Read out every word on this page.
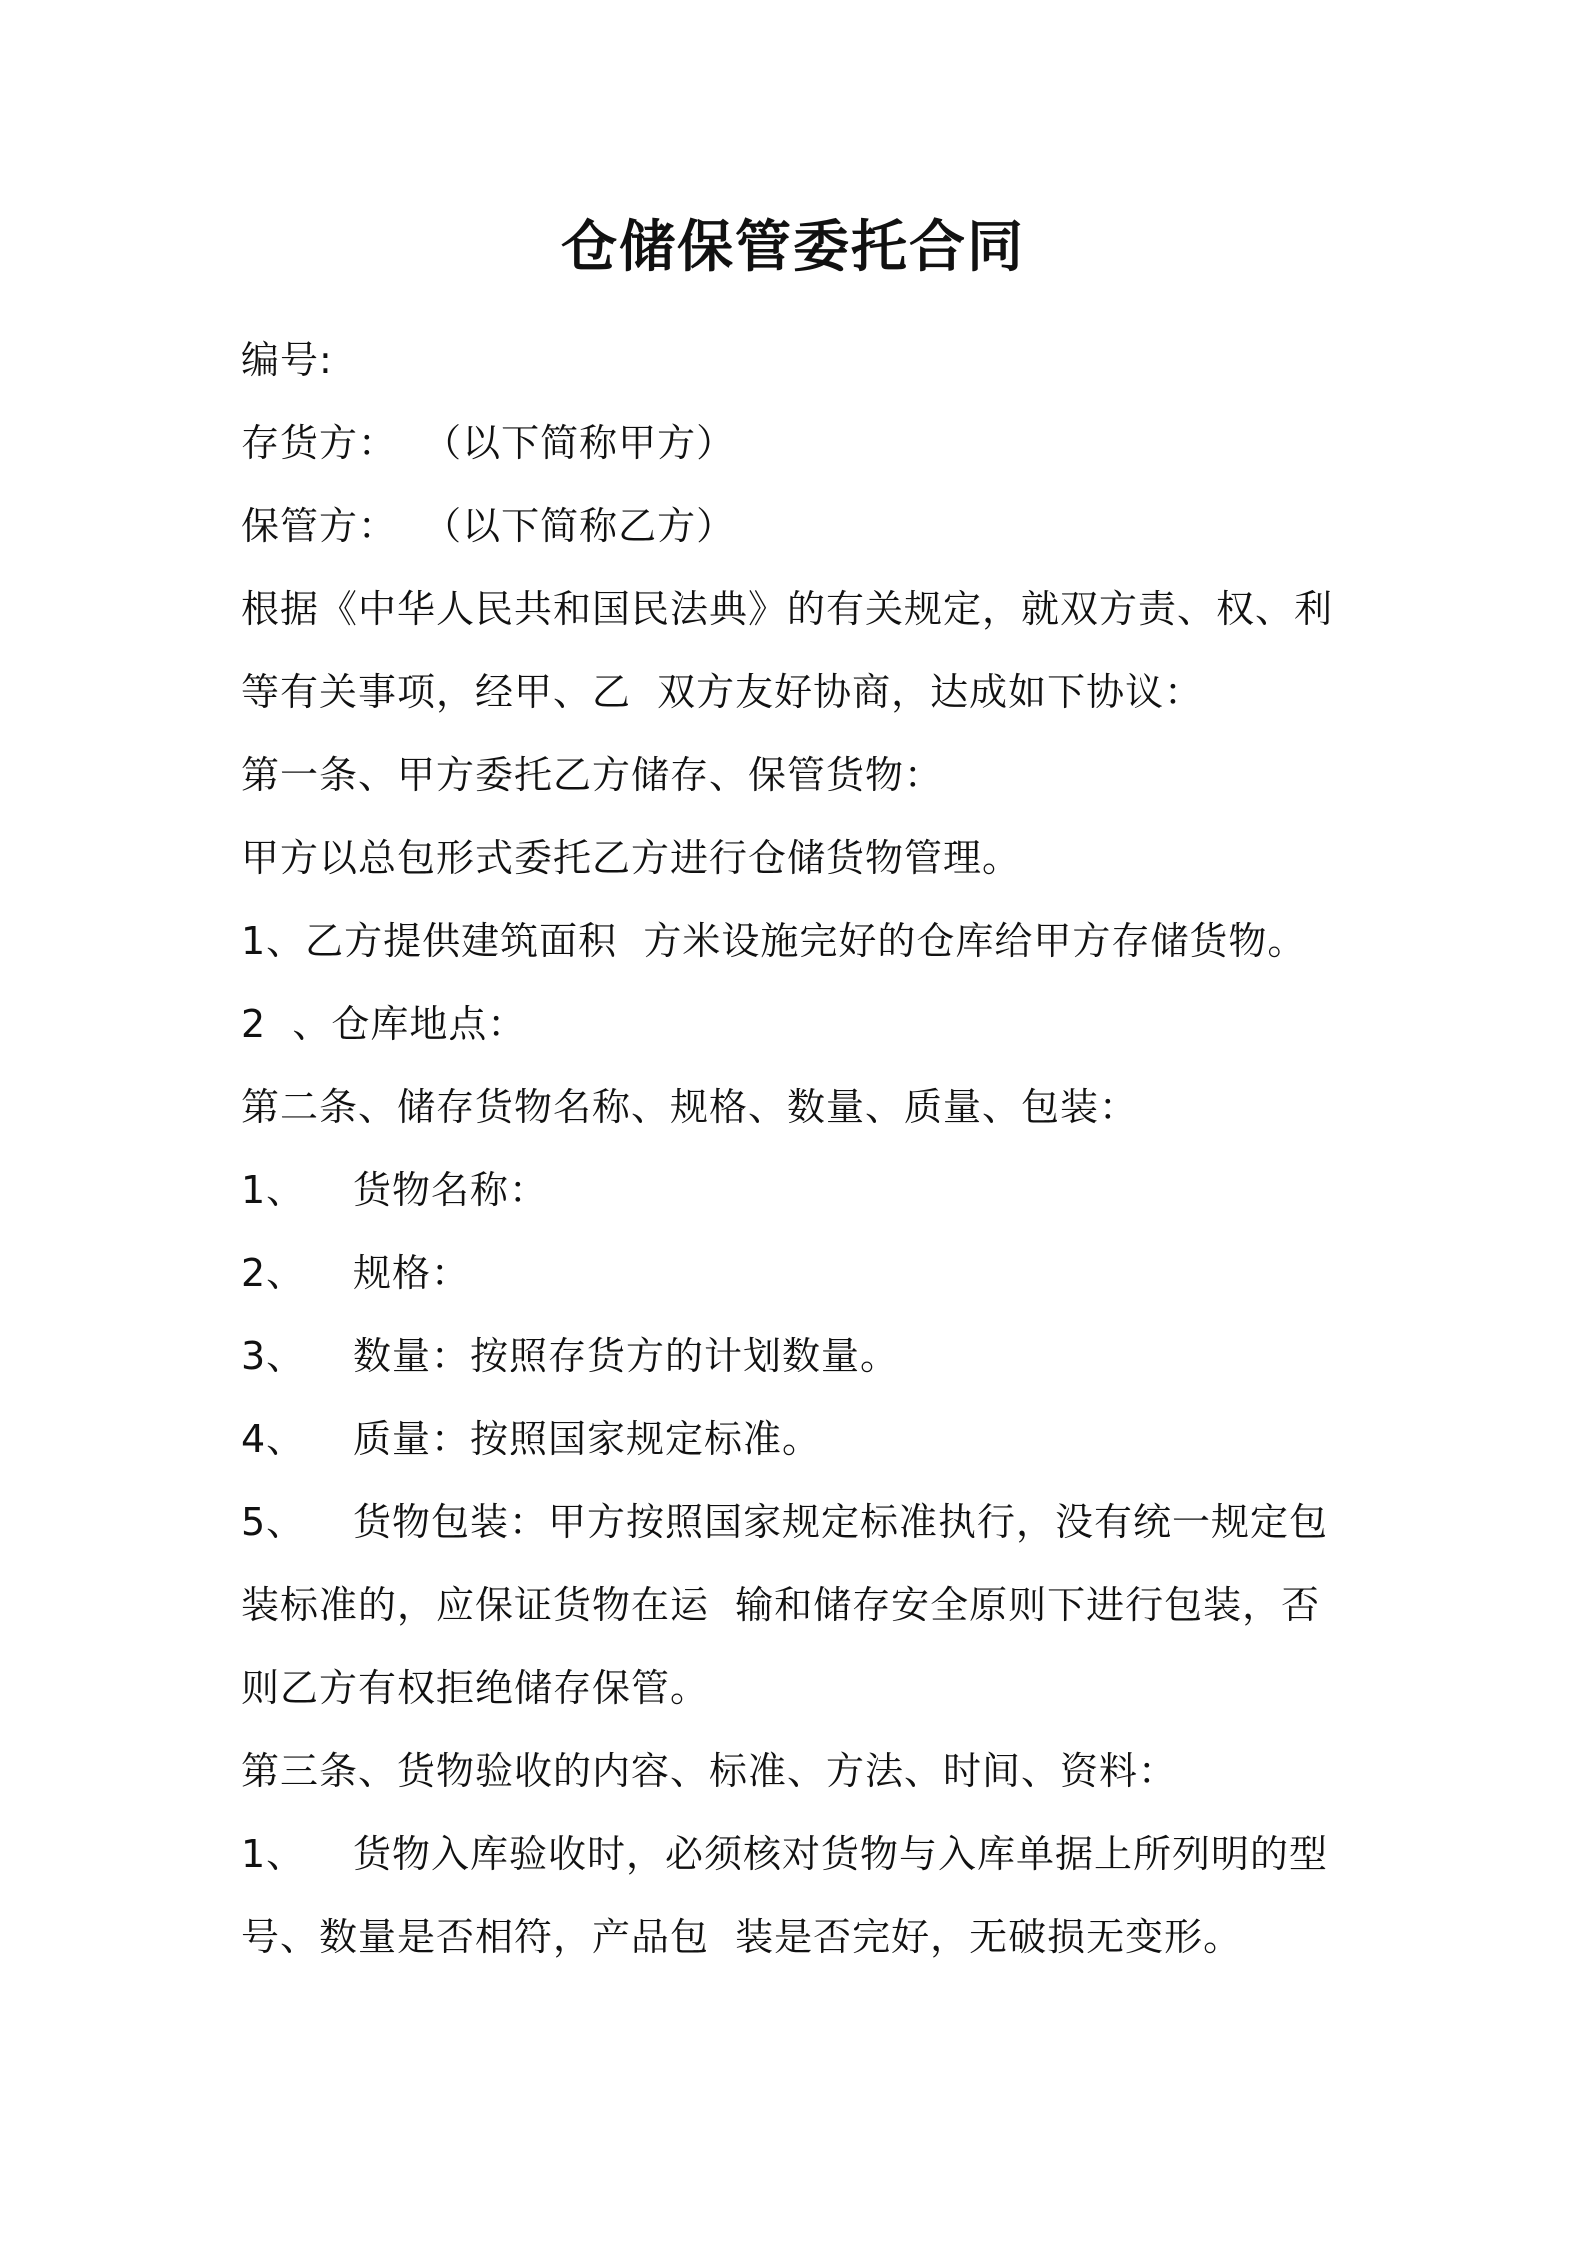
仓储保管委托合同

编号:

存货方：  （以下简称甲方）

保管方：  （以下简称乙方）

根据《中华人民共和国民法典》的有关规定，就双方责、权、利

等有关事项，经甲、乙  双方友好协商，达成如下协议：

第一条、甲方委托乙方储存、保管货物：

甲方以总包形式委托乙方进行仓储货物管理。

1、乙方提供建筑面积  方米设施完好的仓库给甲方存储货物。

2  、仓库地点：

第二条、储存货物名称、规格、数量、质量、包装：

1、 货物名称：

2、 规格：

3、 数量：按照存货方的计划数量。

4、 质量：按照国家规定标准。

5、 货物包装：甲方按照国家规定标准执行，没有统一规定包

装标准的，应保证货物在运  输和储存安全原则下进行包装，否

则乙方有权拒绝储存保管。

第三条、货物验收的内容、标准、方法、时间、资料：

1、 货物入库验收时，必须核对货物与入库单据上所列明的型

号、数量是否相符，产品包  装是否完好，无破损无变形。
